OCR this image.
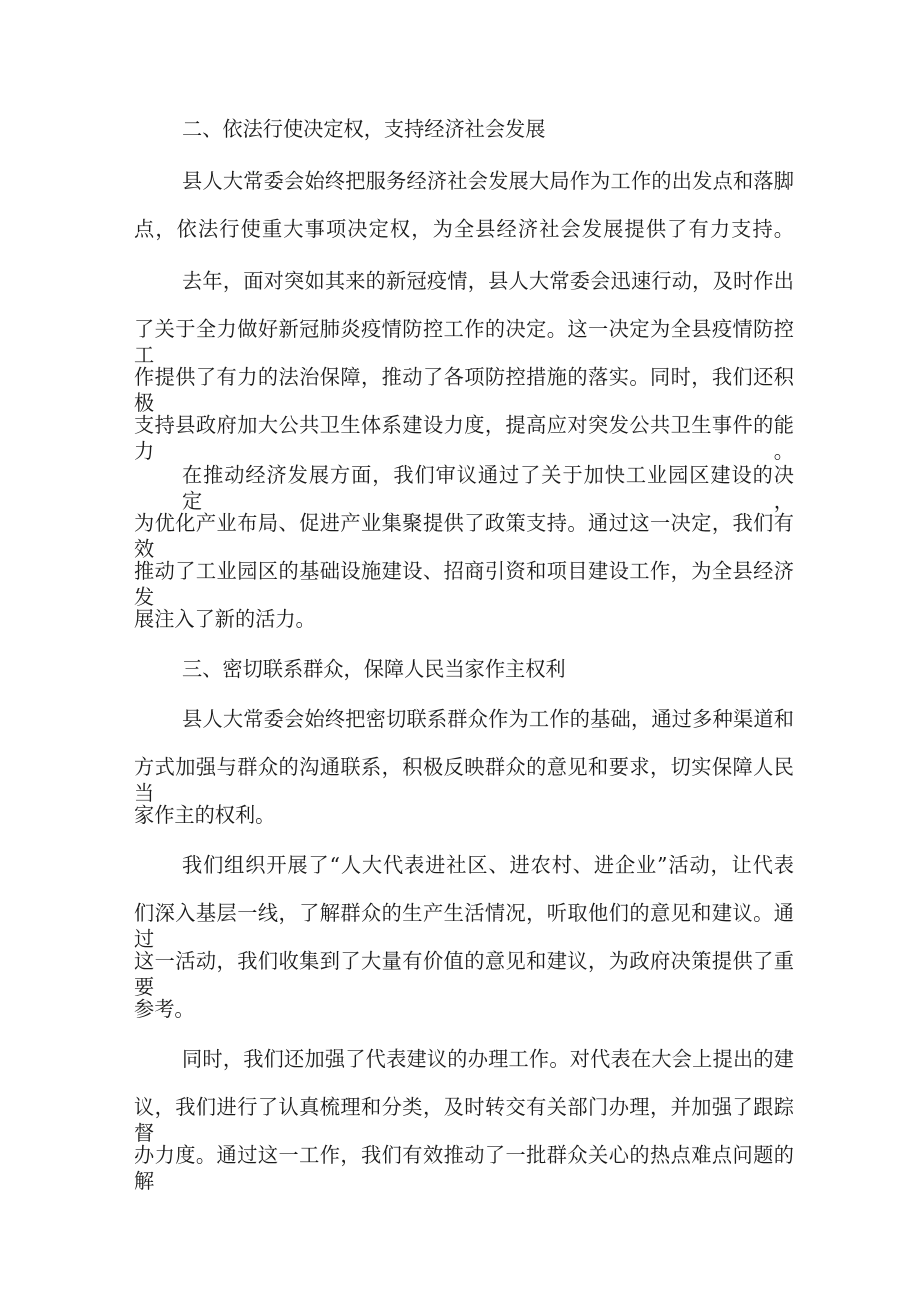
二、依法行使决定权，支持经济社会发展

县人大常委会始终把服务经济社会发展大局作为工作的出发点和落脚

点，依法行使重大事项决定权，为全县经济社会发展提供了有力支持。

去年，面对突如其来的新冠疫情，县人大常委会迅速行动，及时作出

了关于全力做好新冠肺炎疫情防控工作的决定。这一决定为全县疫情防控工

作提供了有力的法治保障，推动了各项防控措施的落实。同时，我们还积极

支持县政府加大公共卫生体系建设力度，提高应对突发公共卫生事件的能力。

在推动经济发展方面，我们审议通过了关于加快工业园区建设的决定，

为优化产业布局、促进产业集聚提供了政策支持。通过这一决定，我们有效

推动了工业园区的基础设施建设、招商引资和项目建设工作，为全县经济发

展注入了新的活力。

三、密切联系群众，保障人民当家作主权利

县人大常委会始终把密切联系群众作为工作的基础，通过多种渠道和

方式加强与群众的沟通联系，积极反映群众的意见和要求，切实保障人民当

家作主的权利。

我们组织开展了“人大代表进社区、进农村、进企业”活动，让代表

们深入基层一线，了解群众的生产生活情况，听取他们的意见和建议。通过

这一活动，我们收集到了大量有价值的意见和建议，为政府决策提供了重要

参考。

同时，我们还加强了代表建议的办理工作。对代表在大会上提出的建

议，我们进行了认真梳理和分类，及时转交有关部门办理，并加强了跟踪督

办力度。通过这一工作，我们有效推动了一批群众关心的热点难点问题的解
